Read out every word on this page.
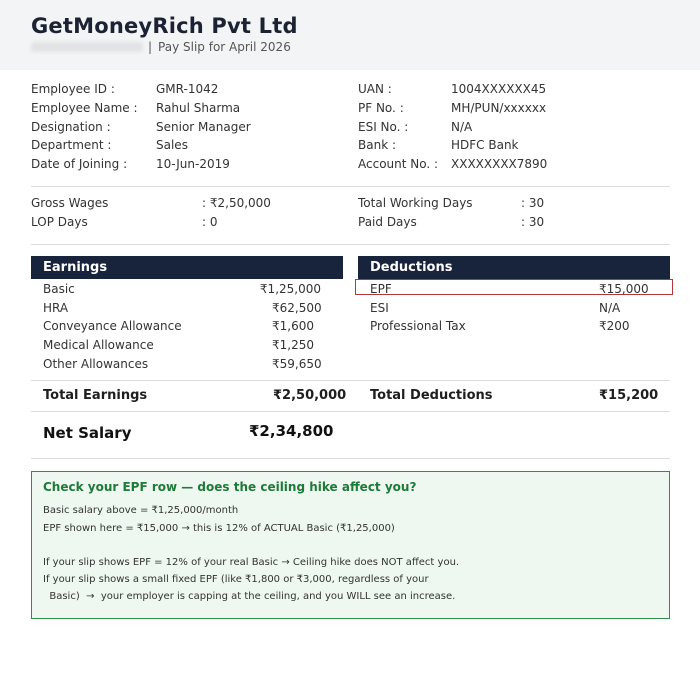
GetMoneyRich Pvt Ltd
| Pay Slip for April 2026
Employee ID :	GMR-1042
Employee Name : Rahul Sharma
Designation :	Senior Manager
Department :	Sales
Date of Joining : 10-Jun-2019
UAN :	1004XXXXXX45
PF No. :	MH/PUN/xxxxxx
ESI No. :	N/A
Bank :	HDFC Bank
Account No. : XXXXXXXX7890
Gross Wages	: ₹2,50,000
LOP Days	: 0
Total Working Days	: 30
Paid Days	: 30
Earnings
Basic	₹1,25,000
HRA	₹62,500
Conveyance Allowance	₹1,600
Medical Allowance	₹1,250
Other Allowances	₹59,650
Deductions
EPF	₹15,000
ESI	N/A
Professional Tax	₹200
Total Earnings	₹2,50,000 Total Deductions	₹15,200
Net Salary	₹2,34,800
Check your EPF row — does the ceiling hike affect you?
Basic salary above = ₹1,25,000/month
EPF shown here = ₹15,000 → this is 12% of ACTUAL Basic (₹1,25,000)
If your slip shows EPF = 12% of your real Basic → Ceiling hike does NOT affect you.
If your slip shows a small fixed EPF (like ₹1,800 or ₹3,000, regardless of your
Basic)  →  your employer is capping at the ceiling, and you WILL see an increase.
